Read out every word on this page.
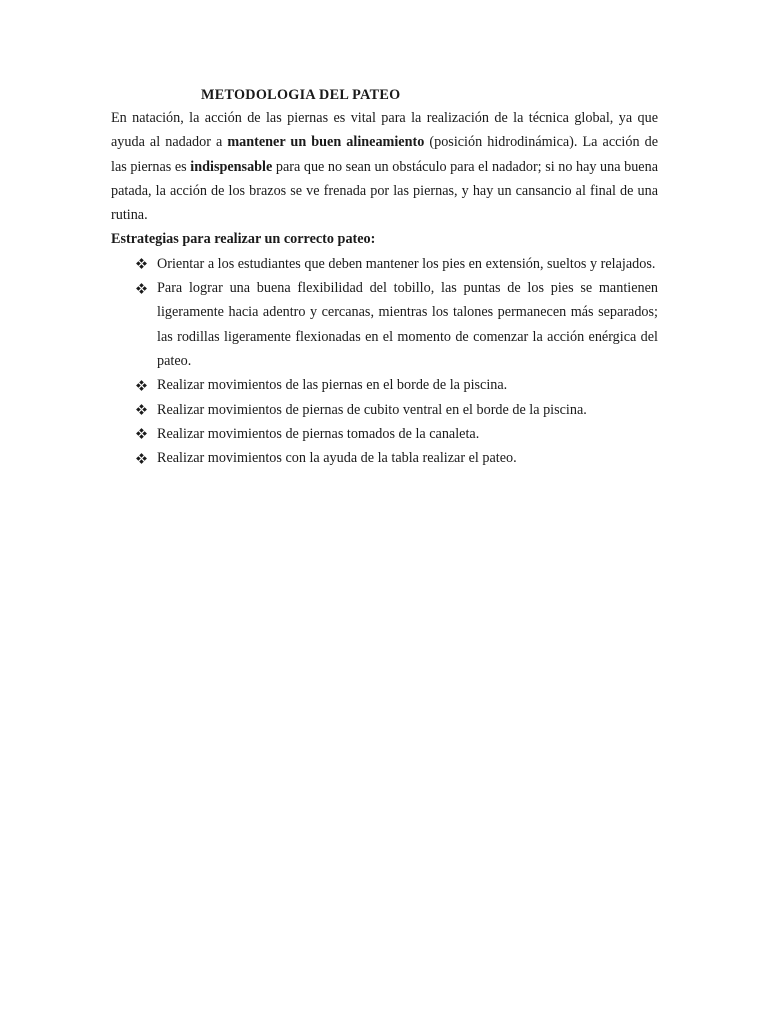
METODOLOGIA DEL PATEO

En natación, la acción de las piernas es vital para la realización de la técnica global, ya que ayuda al nadador a mantener un buen alineamiento (posición hidrodinámica). La acción de las piernas es indispensable para que no sean un obstáculo para el nadador; si no hay una buena patada, la acción de los brazos se ve frenada por las piernas, y hay un cansancio al final de una rutina.

Estrategias para realizar un correcto pateo:

Orientar a los estudiantes que deben mantener los pies en extensión, sueltos y relajados.
Para lograr una buena flexibilidad del tobillo, las puntas de los pies se mantienen ligeramente hacia adentro y cercanas, mientras los talones permanecen más separados; las rodillas ligeramente flexionadas en el momento de comenzar la acción enérgica del pateo.
Realizar movimientos de las piernas en el borde de la piscina.
Realizar movimientos de piernas de cubito ventral en el borde de la piscina.
Realizar movimientos de piernas tomados de la canaleta.
Realizar movimientos con la ayuda de la tabla realizar el pateo.
